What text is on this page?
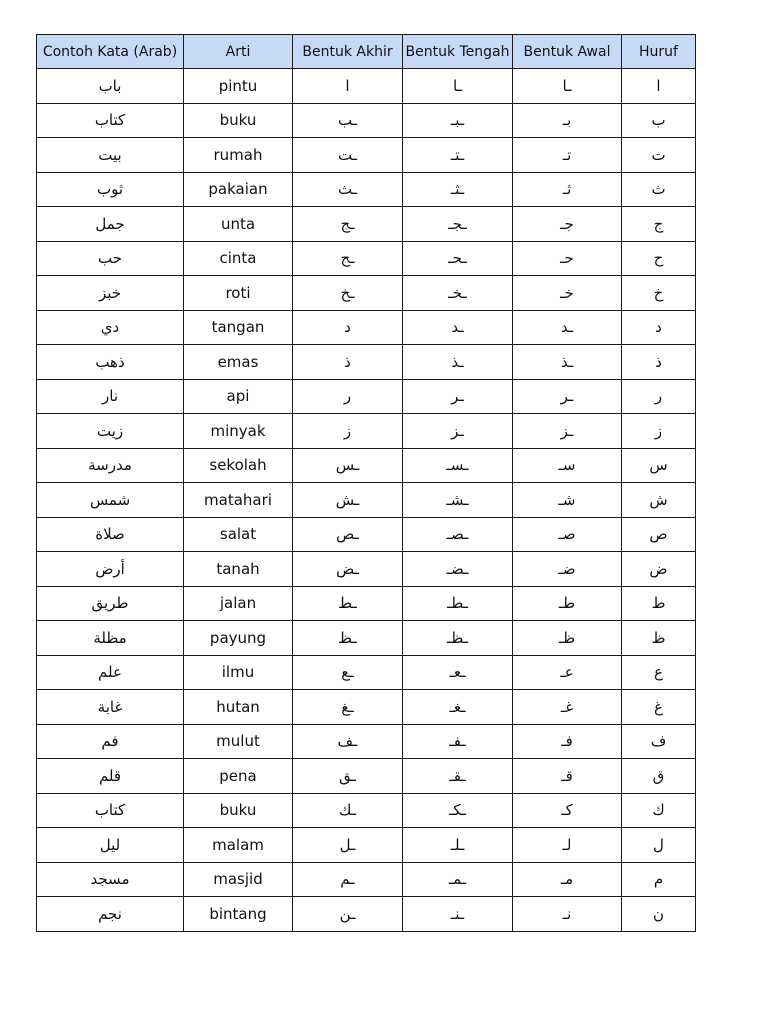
Contoh Kata (Arab)	Arti	Bentuk Akhir	Bentuk Tengah	Bentuk Awal	Huruf
باب	pintu	ا	ـا	ـا	ا
كتاب	buku	ـب	ـبـ	بـ	ب
بيت	rumah	ـت	ـتـ	تـ	ت
ثوب	pakaian	ـث	ـثـ	ثـ	ث
جمل	unta	ـج	ـجـ	جـ	ج
حب	cinta	ـح	ـحـ	حـ	ح
خبز	roti	ـخ	ـخـ	خـ	خ
دي	tangan	د	ـد	ـد	د
ذهب	emas	ذ	ـذ	ـذ	ذ
نار	api	ر	ـر	ـر	ر
زيت	minyak	ز	ـز	ـز	ز
مدرسة	sekolah	ـس	ـسـ	سـ	س
شمس	matahari	ـش	ـشـ	شـ	ش
صلاة	salat	ـص	ـصـ	صـ	ص
أرض	tanah	ـض	ـضـ	ضـ	ض
طريق	jalan	ـط	ـطـ	طـ	ط
مظلة	payung	ـظ	ـظـ	ظـ	ظ
علم	ilmu	ـع	ـعـ	عـ	ع
غابة	hutan	ـغ	ـغـ	غـ	غ
فم	mulut	ـف	ـفـ	فـ	ف
قلم	pena	ـق	ـقـ	قـ	ق
كتاب	buku	ـك	ـكـ	كـ	ك
ليل	malam	ـل	ـلـ	لـ	ل
مسجد	masjid	ـم	ـمـ	مـ	م
نجم	bintang	ـن	ـنـ	نـ	ن
